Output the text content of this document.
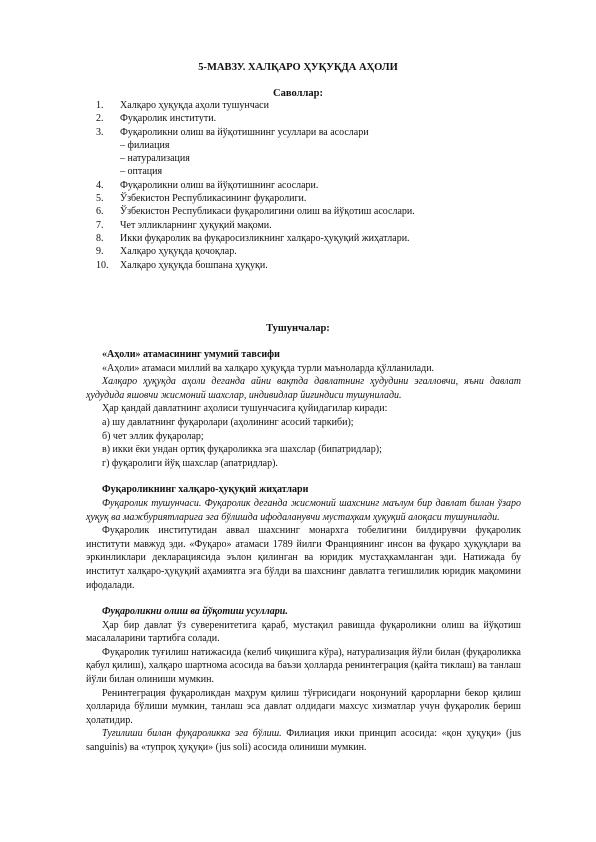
5-МАВЗУ. ХАЛҚАРО ҲУҚУҚДА АҲОЛИ
Саволлар:
1.	Халқаро ҳуқуқда аҳоли тушунчаси
2.	Фуқаролик институти.
3.	Фуқароликни олиш ва йўқотишнинг усуллари ва асослари
– филиация
– натурализация
– оптация
4.	Фуқароликни олиш ва йўқотишнинг асослари.
5.	Ўзбекистон Республикасининг фуқаролиги.
6.	Ўзбекистон Республикаси фуқаролигини олиш ва йўқотиш асослари.
7.	Чет элликларнинг ҳуқуқий мақоми.
8.	Икки фуқаролик ва фуқаросизликнинг халқаро-ҳуқуқий жиҳатлари.
9.	Халқаро ҳуқуқда қочоқлар.
10.	Халқаро ҳуқуқда бошпана ҳуқуқи.
Тушунчалар:

«Аҳоли» атамасининг умумий тавсифи

«Аҳоли» атамаси миллий ва халқаро ҳуқуқда турли маъноларда қўлланилади.

Халқаро ҳуқуқда аҳоли деганда айни вақтда давлатнинг ҳудудини эгалловчи, яъни давлат ҳудудида яшовчи жисмоний шахслар, индивидлар йиғиндиси тушунилади.

Ҳар қандай давлатнинг аҳолиси тушунчасига қуйидагилар киради:

а) шу давлатнинг фуқаролари (аҳолининг асосий таркиби);

б) чет эллик фуқаролар;

в) икки ёки ундан ортиқ фуқароликка эга шахслар (бипатридлар);

г) фуқаролиги йўқ шахслар (апатридлар).

Фуқароликнинг халқаро-ҳуқуқий жиҳатлари

Фуқаролик тушунчаси. Фуқаролик деганда жисмоний шахснинг маълум бир давлат билан ўзаро ҳуқуқ ва мажбуриятларига эга бўлишда ифодаланувчи мустаҳкам ҳуқуқий алоқаси тушунилади.

Фуқаролик институтидан аввал шахснинг монархга тобелигини билдирувчи фуқаролик институти мавжуд эди. «Фуқаро» атамаси 1789 йилги Франциянинг инсон ва фуқаро ҳуқуқлари ва эркинликлари декларациясида эълон қилинган ва юридик мустаҳкамланган эди. Натижада бу институт халқаро-ҳуқуқий аҳамиятга эга бўлди ва шахснинг давлатга тегишлилик юридик мақомини ифодалади.

Фуқароликни олиш ва йўқотиш усуллари.

Ҳар бир давлат ўз суверенитетига қараб, мустақил равишда фуқароликни олиш ва йўқотиш масалаларини тартибга солади.

Фуқаролик туғилиш натижасида (келиб чиқишига кўра), натурализация йўли билан (фуқароликка қабул қилиш), халқаро шартнома асосида ва баъзи ҳолларда ренинтеграция (қайта тиклаш) ва танлаш йўли билан олиниши мумкин.

Ренинтеграция фуқароликдан маҳрум қилиш тўғрисидаги ноқонуний қарорларни бекор қилиш ҳолларида бўлиши мумкин, танлаш эса давлат олдидаги махсус хизматлар учун фуқаролик бериш ҳолатидир.

Туғилиши билан фуқароликка эга бўлиш. Филиация икки принцип асосида: «қон ҳуқуқи» (jus sanguinis) ва «тупроқ ҳуқуқи» (jus soli) асосида олиниши мумкин.
